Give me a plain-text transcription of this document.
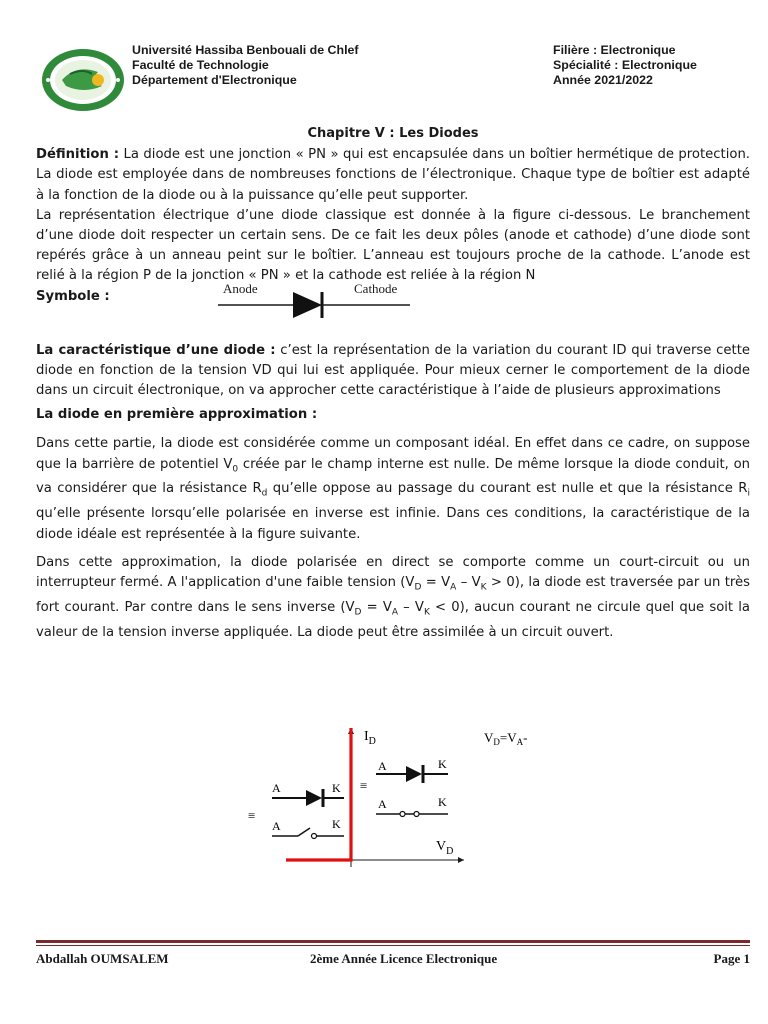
Université Hassiba Benbouali de Chlef
Faculté de Technologie
Département d'Electronique
Filière : Electronique
Spécialité : Electronique
Année 2021/2022

Chapitre V : Les Diodes

Définition : La diode est une jonction « PN » qui est encapsulée dans un boîtier hermétique de protection. La diode est employée dans de nombreuses fonctions de l’électronique. Chaque type de boîtier est adapté à la fonction de la diode ou à la puissance qu’elle peut supporter.

La représentation électrique d’une diode classique est donnée à la figure ci-dessous. Le branchement d’une diode doit respecter un certain sens. De ce fait les deux pôles (anode et cathode) d’une diode sont repérés grâce à un anneau peint sur le boîtier. L’anneau est toujours proche de la cathode. L’anode est relié à la région P de la jonction « PN » et la cathode est reliée à la région N

Symbole :
Anode	Cathode

La caractéristique d’une diode : c’est la représentation de la variation du courant ID qui traverse cette diode en fonction de la tension VD qui lui est appliquée. Pour mieux cerner le comportement de la diode dans un circuit électronique, on va approcher cette caractéristique à l’aide de plusieurs approximations

La diode en première approximation :

Dans cette partie, la diode est considérée comme un composant idéal. En effet dans ce cadre, on suppose que la barrière de potentiel $V_0$ créée par le champ interne est nulle. De même lorsque la diode conduit, on va considérer que la résistance $R_d$ qu’elle oppose au passage du courant est nulle et que la résistance $R_i$ qu’elle présente lorsqu’elle polarisée en inverse est infinie. Dans ces conditions, la caractéristique de la diode idéale est représentée à la figure suivante.

Dans cette approximation, la diode polarisée en direct se comporte comme un court-circuit ou un interrupteur fermé. A l'application d'une faible tension $(V_D = V_A - V_K > 0)$, la diode est traversée par un très fort courant. Par contre dans le sens inverse $(V_D = V_A - V_K < 0)$, aucun courant ne circule quel que soit la valeur de la tension inverse appliquée. La diode peut être assimilée à un circuit ouvert.

$I_D$
$V_D$
$V_D=V_A-$
≡
A	K
A	K
≡
A	K
A	K
Abdallah OUMSALEM	2ème Année Licence Electronique	Page 1
